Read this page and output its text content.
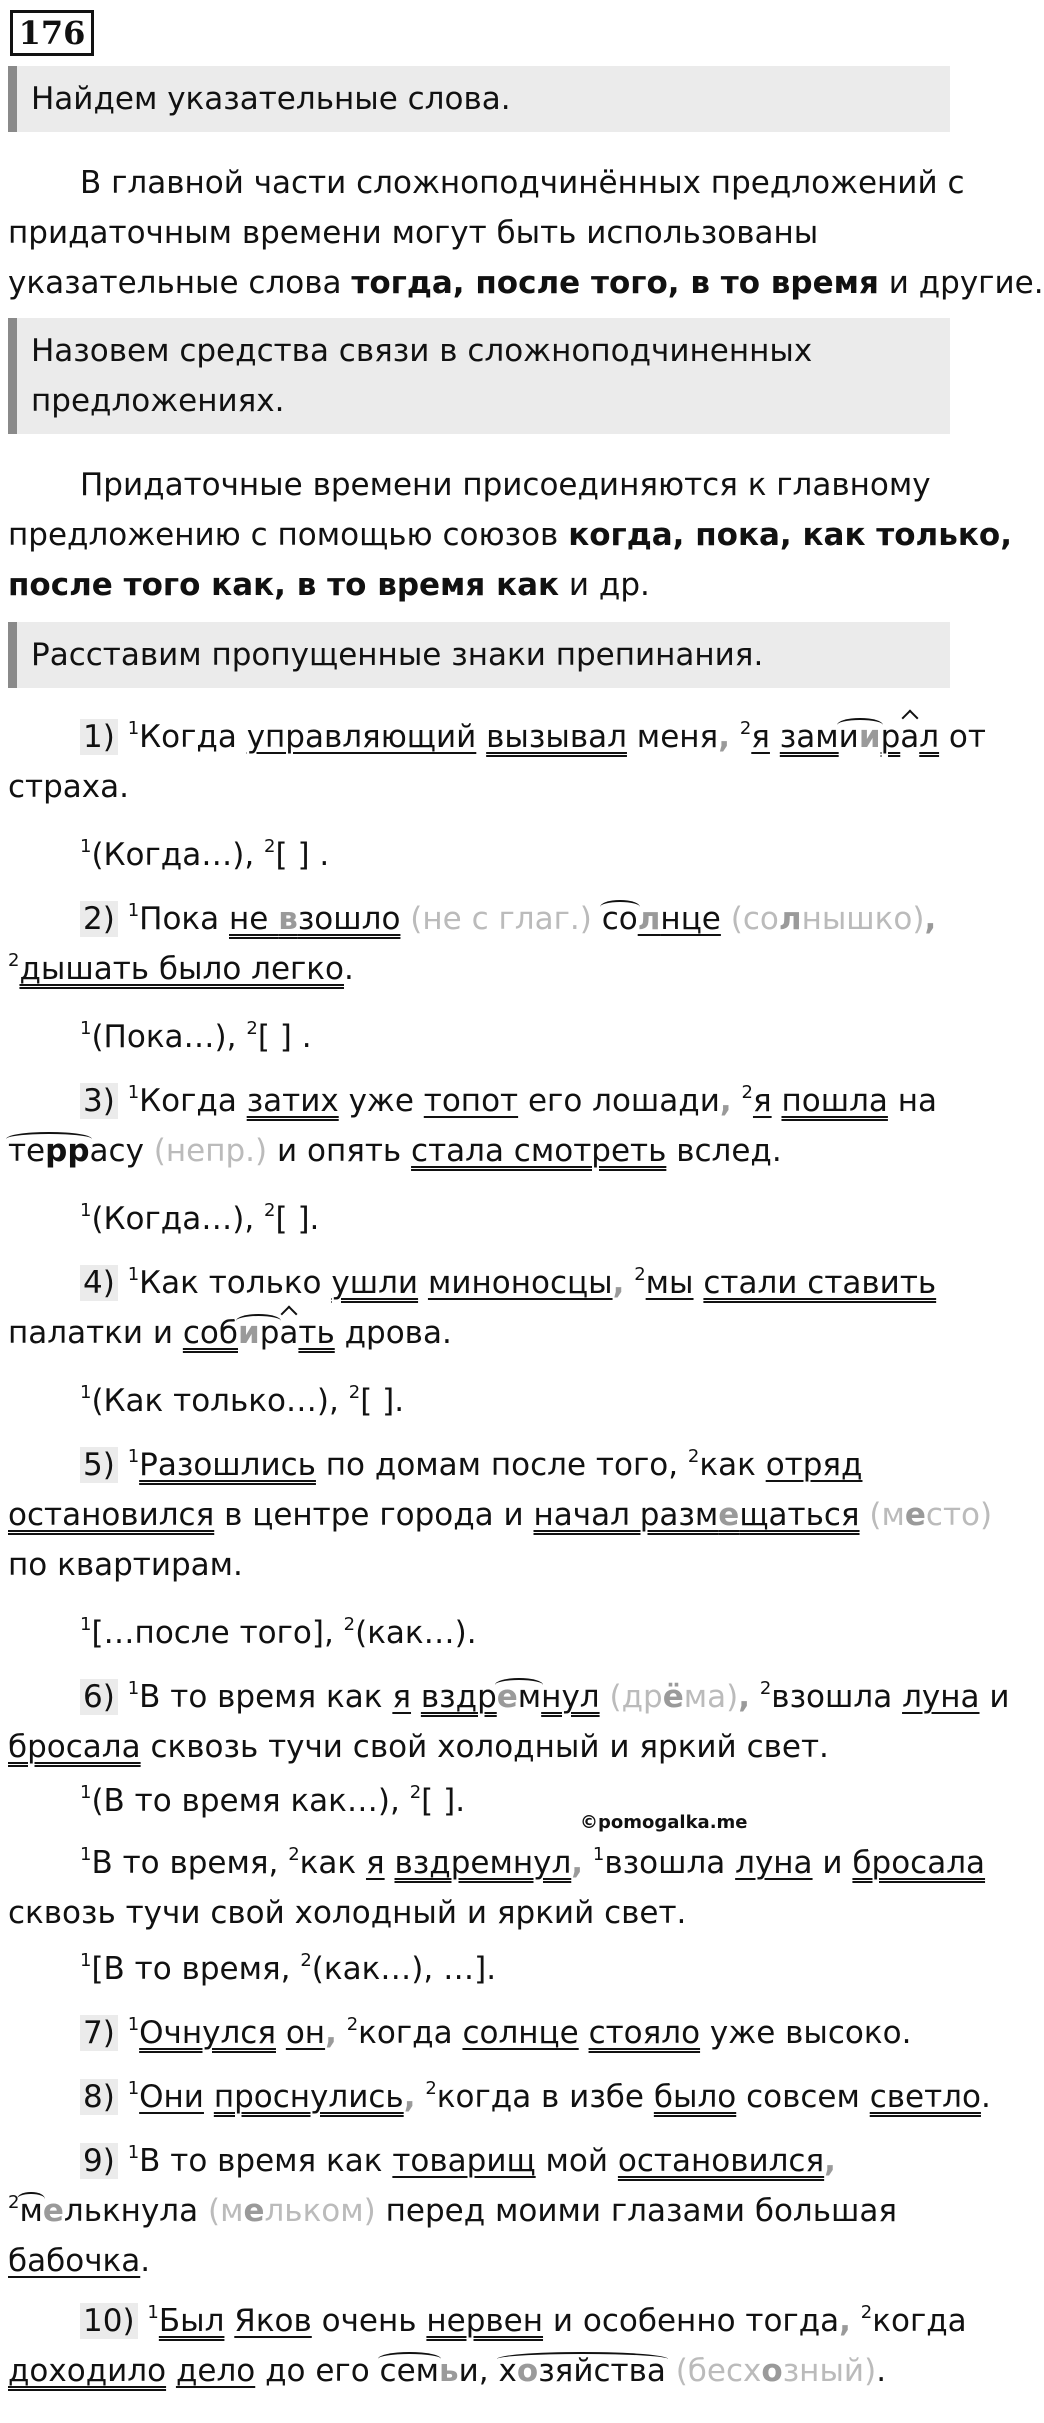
176
Найдем указательные слова.
В главной части сложноподчинённых предложений с
придаточным времени могут быть использованы
указательные слова тогда, после того, в то время и другие.
Назовем средства связи в сложноподчиненных
предложениях.
Придаточные времени присоединяются к главному
предложению с помощью союзов когда, пока, как только,
после того как, в то время как и др.
Расставим пропущенные знаки препинания.
1) $^1$Когда управляющий вызывал меня, $^2$я замиирал от
страха.
$^1$(Когда…), $^2$[ ] .
2) $^1$Пока не взошло (не с глаг.) солнце (солнышко),
$^2$дышать было легко.
$^1$(Пока…), $^2$[ ] .
3) $^1$Когда затих уже топот его лошади, $^2$я пошла на
террасу (непр.) и опять стала смотреть вслед.
$^1$(Когда…), $^2$[ ].
4) $^1$Как только ушли миноносцы, $^2$мы стали ставить
палатки и собирать дрова.
$^1$(Как только…), $^2$[ ].
5) $^1$Разошлись по домам после того, $^2$как отряд
остановился в центре города и начал размещаться (место)
по квартирам.
$^1$[…после того], $^2$(как…).
6) $^1$В то время как я вздремнул (дрёма), $^2$взошла луна и
бросала сквозь тучи свой холодный и яркий свет.
$^1$(В то время как…), $^2$[ ].
©pomogalka.me
$^1$В то время, $^2$как я вздремнул, $^1$взошла луна и бросала
сквозь тучи свой холодный и яркий свет.
$^1$[В то время, $^2$(как…), …].
7) $^1$Очнулся он, $^2$когда солнце стояло уже высоко.
8) $^1$Они проснулись, $^2$когда в избе было совсем светло.
9) $^1$В то время как товарищ мой остановился,
$^2$мелькнула (мельком) перед моими глазами большая
бабочка.
10) $^1$Был Яков очень нервен и особенно тогда, $^2$когда
доходило дело до его семьи, хозяйства (бесхозный).
